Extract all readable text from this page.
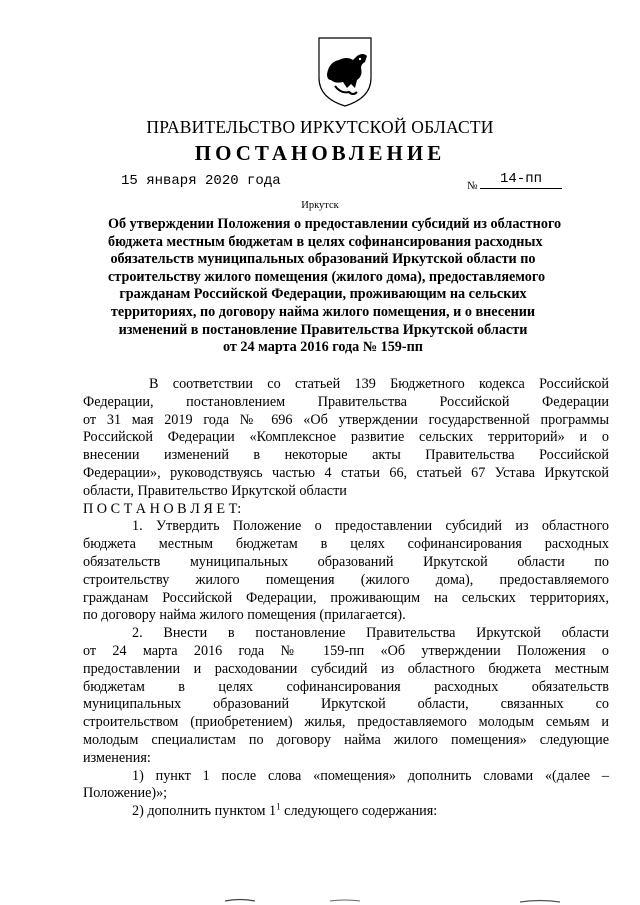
ПРАВИТЕЛЬСТВО ИРКУТСКОЙ ОБЛАСТИ
ПОСТАНОВЛЕНИЕ
15 января 2020 года	№	14-пп
Иркутск
Об утверждении Положения о предоставлении субсидий из областного
бюджета местным бюджетам в целях софинансирования расходных
обязательств муниципальных образований Иркутской области по
строительству жилого помещения (жилого дома), предоставляемого
гражданам Российской Федерации, проживающим на сельских
территориях, по договору найма жилого помещения, и о внесении
изменений в постановление Правительства Иркутской области
от 24 марта 2016 года № 159-пп
В соответствии со статьей 139 Бюджетного кодекса Российской
Федерации, постановлением Правительства Российской Федерации
от 31 мая 2019 года № 696 «Об утверждении государственной программы
Российской Федерации «Комплексное развитие сельских территорий» и о
внесении изменений в некоторые акты Правительства Российской
Федерации», руководствуясь частью 4 статьи 66, статьей 67 Устава Иркутской
области, Правительство Иркутской области
П О С Т А Н О В Л Я Е Т:
1. Утвердить Положение о предоставлении субсидий из областного
бюджета местным бюджетам в целях софинансирования расходных
обязательств муниципальных образований Иркутской области по
строительству жилого помещения (жилого дома), предоставляемого
гражданам Российской Федерации, проживающим на сельских территориях,
по договору найма жилого помещения (прилагается).
2. Внести в постановление Правительства Иркутской области
от 24 марта 2016 года № 159-пп «Об утверждении Положения о
предоставлении и расходовании субсидий из областного бюджета местным
бюджетам в целях софинансирования расходных обязательств
муниципальных образований Иркутской области, связанных со
строительством (приобретением) жилья, предоставляемого молодым семьям и
молодым специалистам по договору найма жилого помещения» следующие
изменения:
1) пункт 1 после слова «помещения» дополнить словами «(далее –
Положение)»;
2) дополнить пунктом $1^1$ следующего содержания:
